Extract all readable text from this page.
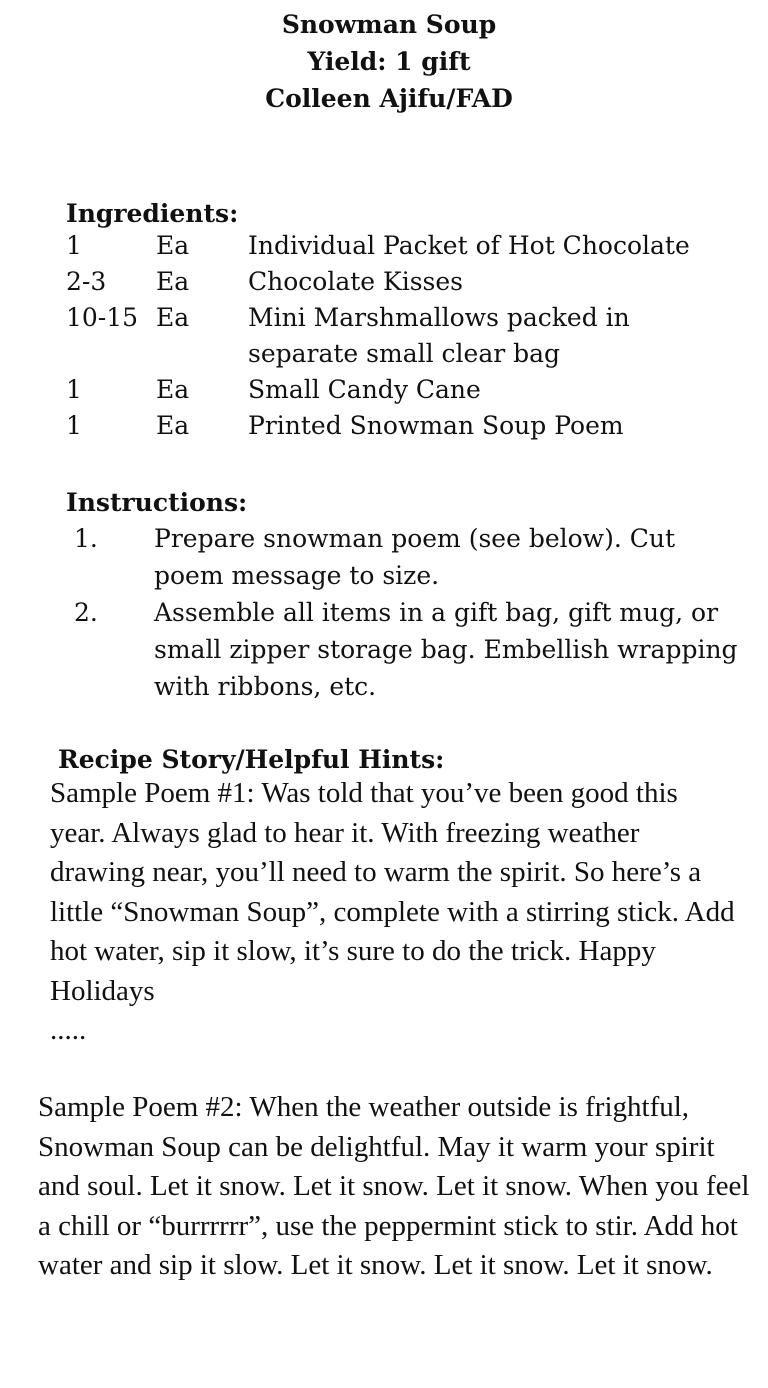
Snowman Soup
Yield: 1 gift
Colleen Ajifu/FAD
Ingredients:
1	Ea	Individual Packet of Hot Chocolate
2-3	Ea	Chocolate Kisses
10-15 Ea	Mini Marshmallows packed in separate small clear bag
1	Ea	Small Candy Cane
1	Ea	Printed Snowman Soup Poem
Instructions:
1.	Prepare snowman poem (see below). Cut poem message to size.
2.	Assemble all items in a gift bag, gift mug, or small zipper storage bag. Embellish wrapping with ribbons, etc.
Recipe Story/Helpful Hints:

Sample Poem #1: Was told that you’ve been good this year. Always glad to hear it. With freezing weather drawing near, you’ll need to warm the spirit. So here’s a little “Snowman Soup”, complete with a stirring stick. Add hot water, sip it slow, it’s sure to do the trick. Happy Holidays

.....

Sample Poem #2: When the weather outside is frightful, Snowman Soup can be delightful. May it warm your spirit and soul. Let it snow. Let it snow. Let it snow. When you feel a chill or “burrrrrr”, use the peppermint stick to stir. Add hot water and sip it slow. Let it snow. Let it snow. Let it snow.
